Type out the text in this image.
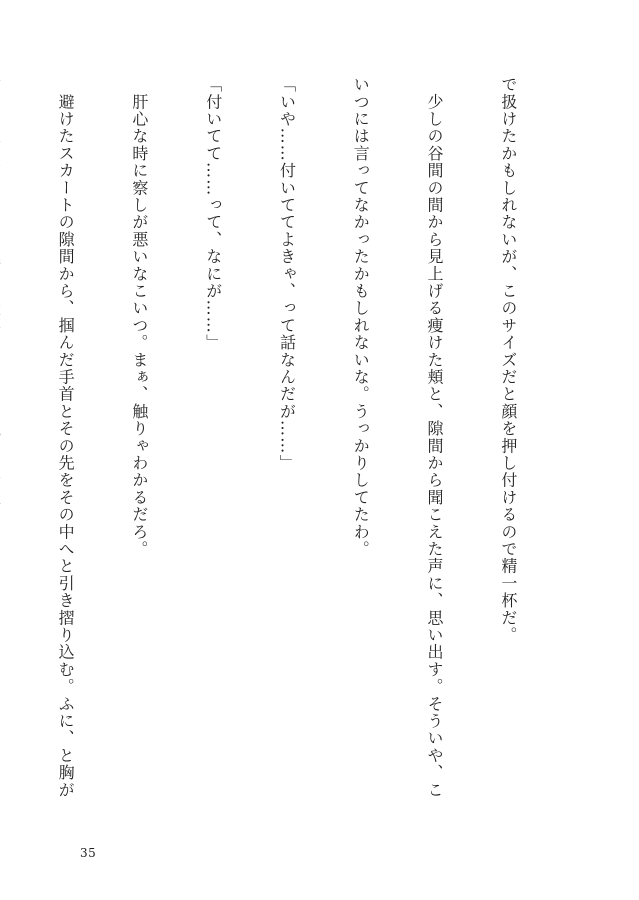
で扱けたかもしれないが、このサイズだと顔を押し付けるので精一杯だ。

　少しの谷間の間から見上げる痩けた頬と、隙間から聞こえた声に、思い出す。そういや、こ

いつには言ってなかったかもしれないな。うっかりしてたわ。

「いや……付いててよきゃ、って話なんだが……」

「付いてて……って、なにが……」

　肝心な時に察しが悪いなこいつ。まぁ、触りゃわかるだろ。

　避けたスカートの隙間から、掴んだ手首とその先をその中へと引き摺り込む。ふに、と胸が

35
